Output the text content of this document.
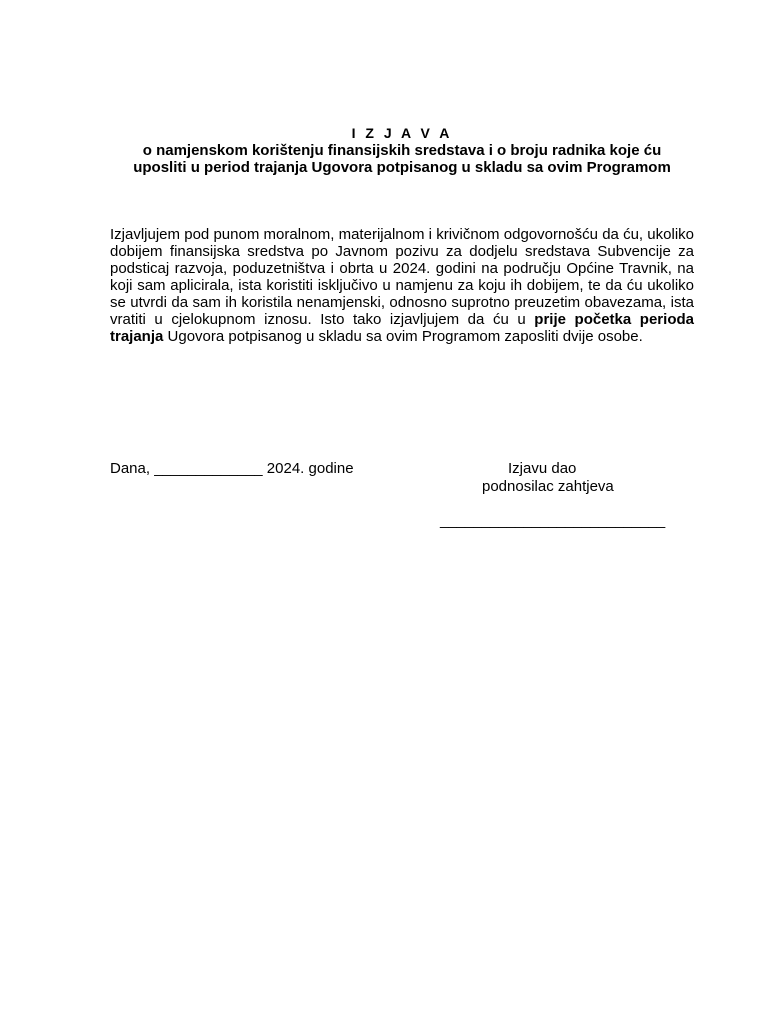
I Z J A V A
o namjenskom korištenju finansijskih sredstava i o broju radnika koje ću
uposliti u period trajanja Ugovora potpisanog u skladu sa ovim Programom
Izjavljujem pod punom moralnom, materijalnom i krivičnom odgovornošću da ću, ukoliko dobijem finansijska sredstva po Javnom pozivu za dodjelu sredstava Subvencije za podsticaj razvoja, poduzetništva i obrta u 2024. godini na području Općine Travnik, na koji sam aplicirala, ista koristiti isključivo u namjenu za koju ih dobijem, te da ću ukoliko se utvrdi da sam ih koristila nenamjenski, odnosno suprotno preuzetim obavezama, ista vratiti u cjelokupnom iznosu. Isto tako izjavljujem da ću u prije početka perioda trajanja Ugovora potpisanog u skladu sa ovim Programom zaposliti dvije osobe.
Dana, _____________ 2024. godine	Izjavu dao
podnosilac zahtjeva
___________________________
